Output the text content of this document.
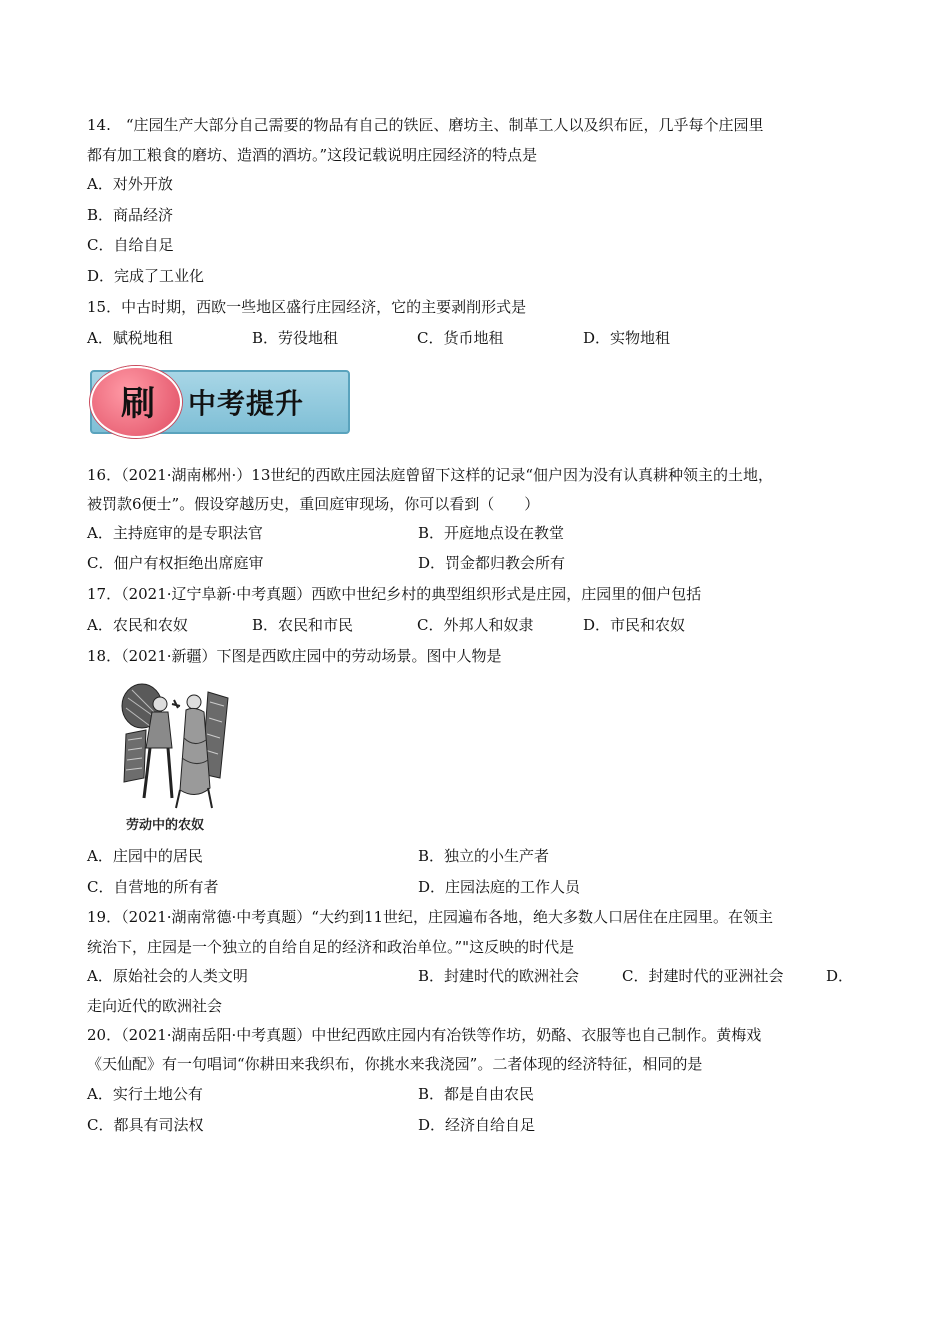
14.　“庄园生产大部分自己需要的物品有自己的铁匠、磨坊主、制革工人以及织布匠，几乎每个庄园里
都有加工粮食的磨坊、造酒的酒坊。”这段记载说明庄园经济的特点是
A．对外开放
B．商品经济
C．自给自足
D．完成了工业化
15．中古时期，西欧一些地区盛行庄园经济，它的主要剥削形式是
A．赋税地租	B．劳役地租	C．货币地租	D．实物地租
刷	中考提升
16．（2021·湖南郴州·）13世纪的西欧庄园法庭曾留下这样的记录“佃户因为没有认真耕种领主的土地，
被罚款6便士”。假设穿越历史，重回庭审现场，你可以看到（　　）
A．主持庭审的是专职法官	B．开庭地点设在教堂
C．佃户有权拒绝出席庭审	D．罚金都归教会所有
17．（2021·辽宁阜新·中考真题）西欧中世纪乡村的典型组织形式是庄园，庄园里的佃户包括
A．农民和农奴	B．农民和市民	C．外邦人和奴隶	D．市民和农奴
18．（2021·新疆）下图是西欧庄园中的劳动场景。图中人物是
劳动中的农奴
A．庄园中的居民	B．独立的小生产者
C．自营地的所有者	D．庄园法庭的工作人员
19．（2021·湖南常德·中考真题）“大约到11世纪，庄园遍布各地，绝大多数人口居住在庄园里。在领主
统治下，庄园是一个独立的自给自足的经济和政治单位。”"这反映的时代是
A．原始社会的人类文明	B．封建时代的欧洲社会	C．封建时代的亚洲社会	D．
走向近代的欧洲社会
20．（2021·湖南岳阳·中考真题）中世纪西欧庄园内有冶铁等作坊，奶酪、衣服等也自己制作。黄梅戏
《天仙配》有一句唱词“你耕田来我织布，你挑水来我浇园”。二者体现的经济特征，相同的是
A．实行土地公有	B．都是自由农民
C．都具有司法权	D．经济自给自足
